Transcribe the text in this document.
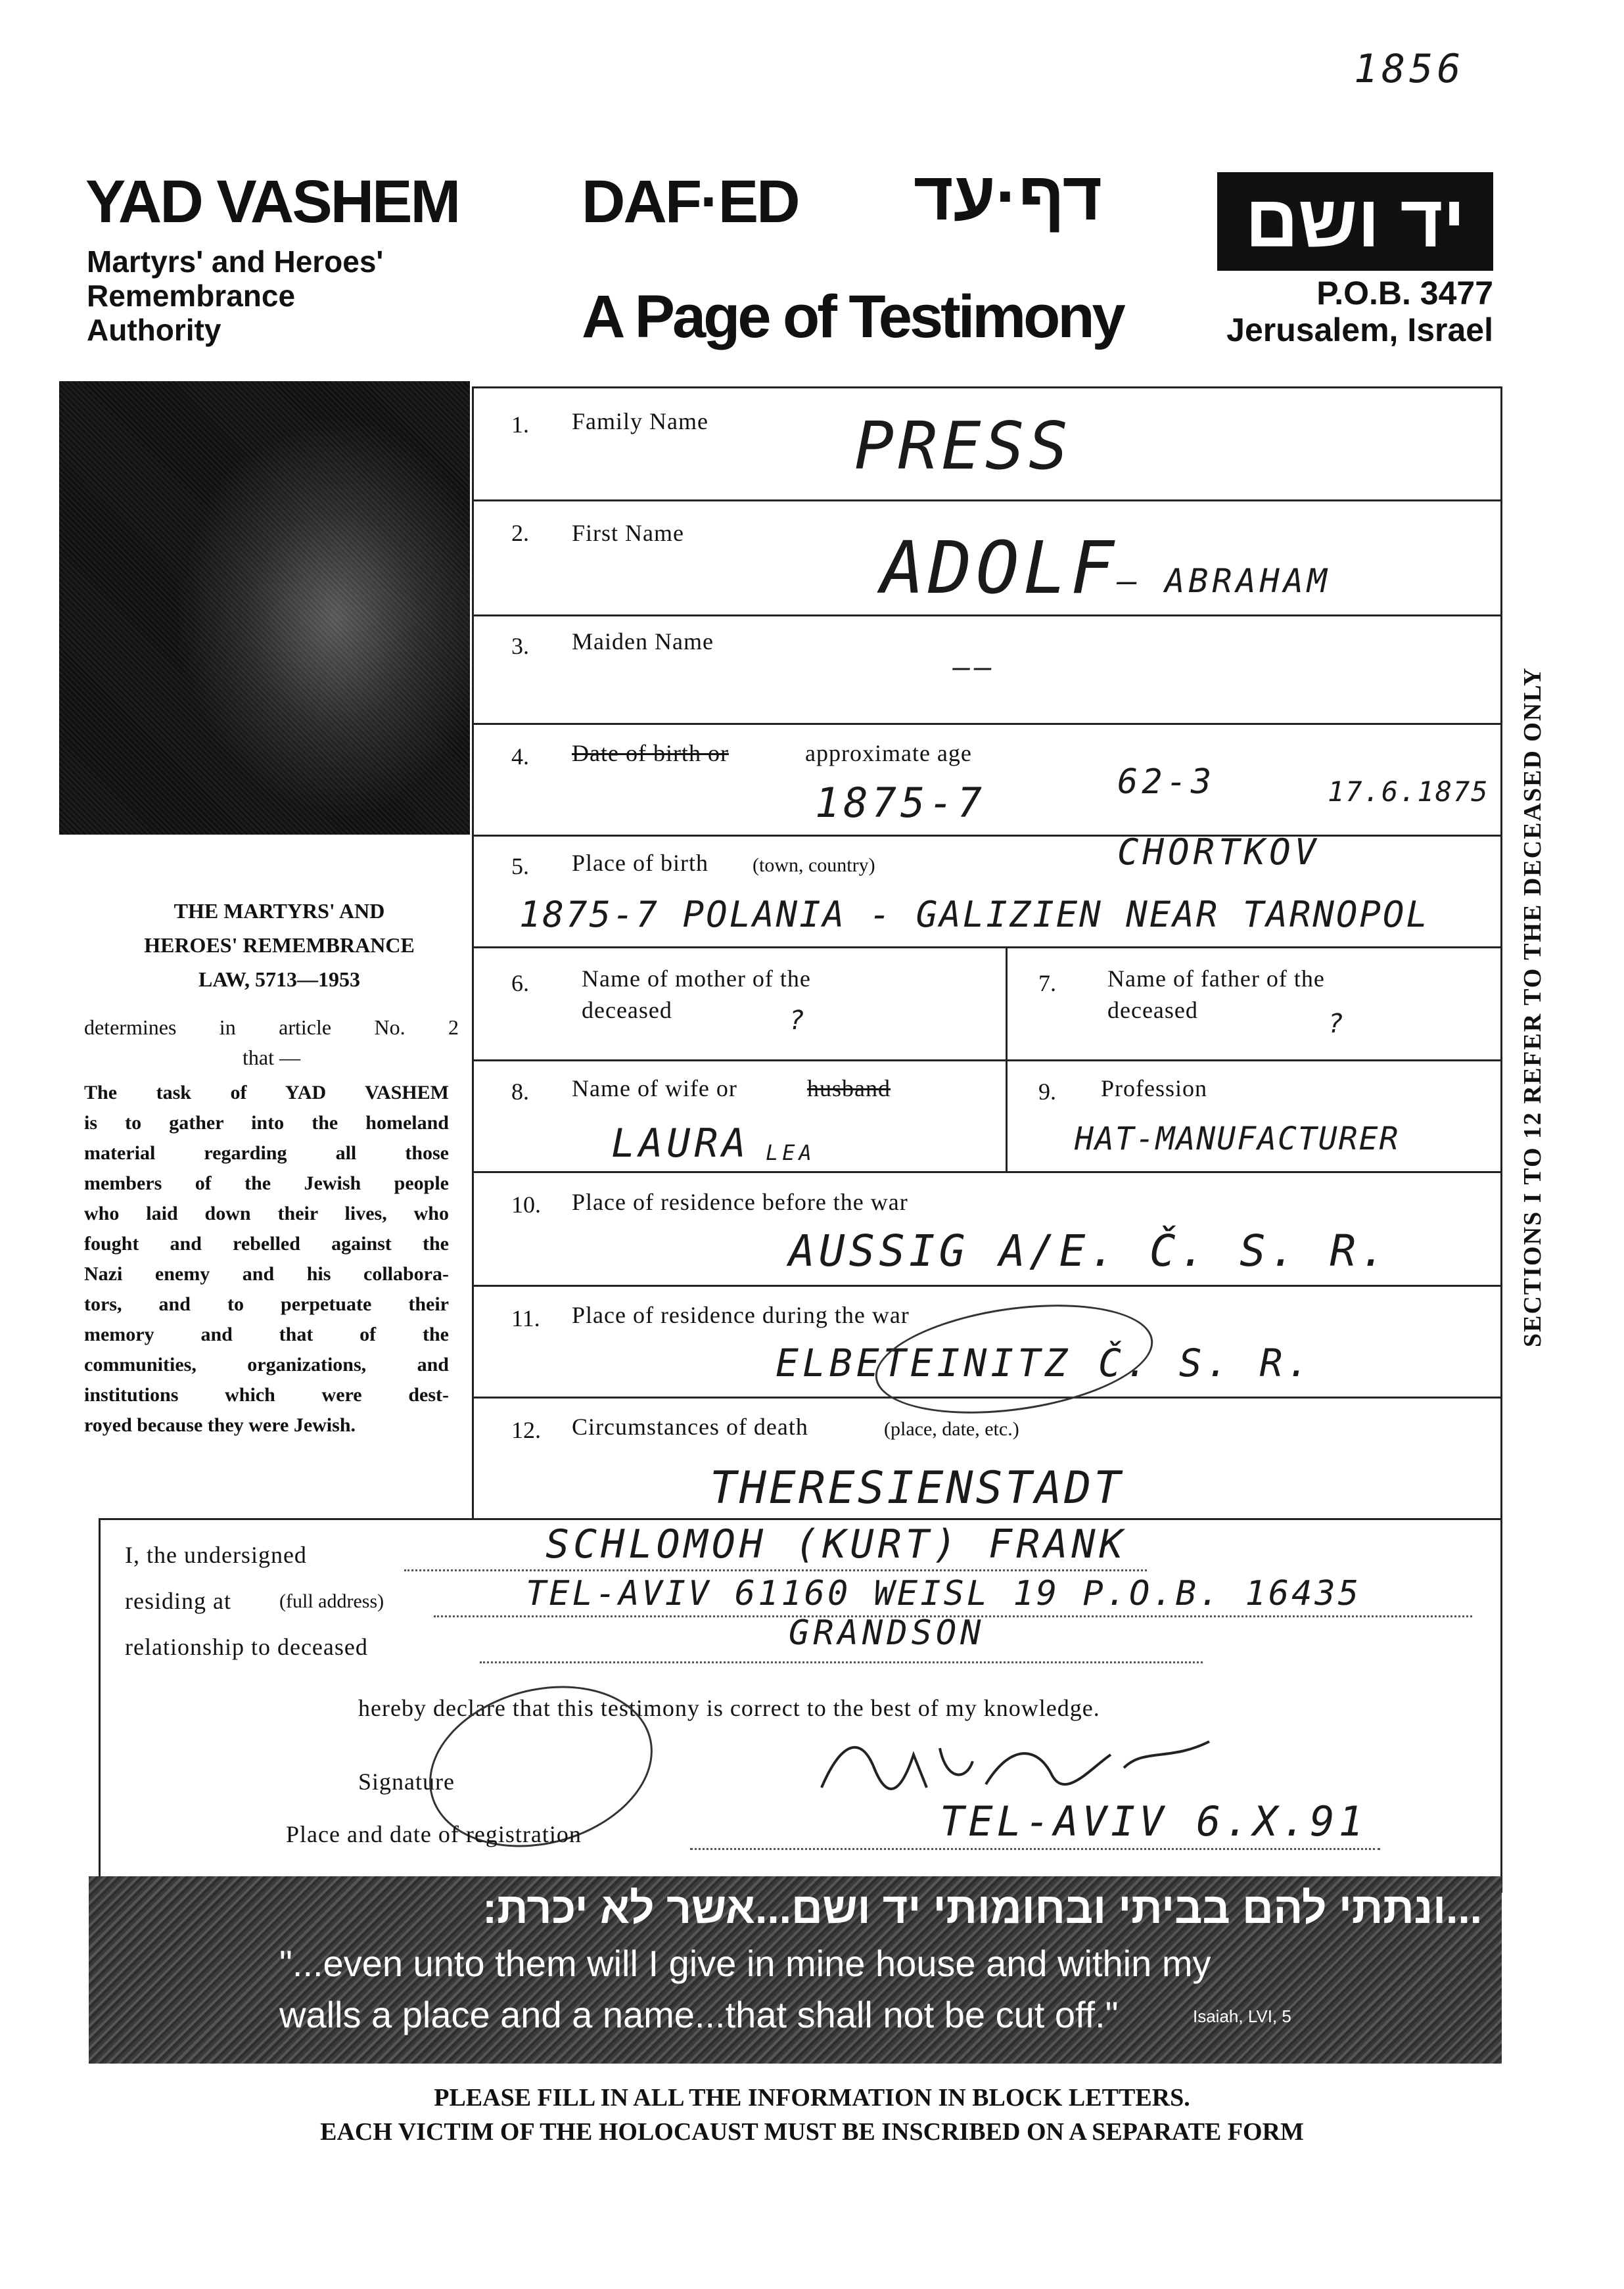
1856
YAD VASHEM
Martyrs' and Heroes'
Remembrance
Authority
DAF·ED דף·עד
A Page of Testimony
יד ושם
P.O.B. 3477
Jerusalem, Israel
THE MARTYRS' AND
HEROES' REMEMBRANCE
LAW, 5713—1953
determines in article No. 2
that —
The task of YAD VASHEM
is to gather into the homeland
material regarding all those
members of the Jewish people
who laid down their lives, who
fought and rebelled against the
Nazi enemy and his collabora-
tors, and to perpetuate their
memory and that of the
communities, organizations, and
institutions which were dest-
royed because they were Jewish.
SECTIONS I TO 12 REFER TO THE DECEASED ONLY
1. Family Name PRESS
2. First Name	ADOLF
– ABRAHAM
3. Maiden Name
——
4. Date of birth or	approximate age
1875-7	62-3	17.6.1875
5. Place of birth (town, country)	CHORTKOV
1875-7 POLANIA - GALIZIEN NEAR TARNOPOL
6. Name of mother of the
deceased	?
7. Name of father of the
deceased	?
8. Name of wife or	husband
LAURA LEA
9. Profession
HAT-MANUFACTURER
10. Place of residence before the war
AUSSIG A/E. Č. S. R.
11. Place of residence during the war
ELBETEINITZ Č. S. R.
12. Circumstances of death	(place, date, etc.)
THERESIENSTADT
I, the undersigned	SCHLOMOH (KURT) FRANK
residing at (full address)	TEL-AVIV 61160 WEISL 19 P.O.B. 16435
relationship to deceased	GRANDSON
hereby declare that this testimony is correct to the best of my knowledge.
Signature
Place and date of registration	TEL-AVIV 6.X.91
...ונתתי להם בביתי ובחומותי יד ושם...אשר לא יכרת:
"...even unto them will I give in mine house and within my
walls a place and a name...that shall not be cut off."	Isaiah, LVI, 5
PLEASE FILL IN ALL THE INFORMATION IN BLOCK LETTERS.
EACH VICTIM OF THE HOLOCAUST MUST BE INSCRIBED ON A SEPARATE FORM
